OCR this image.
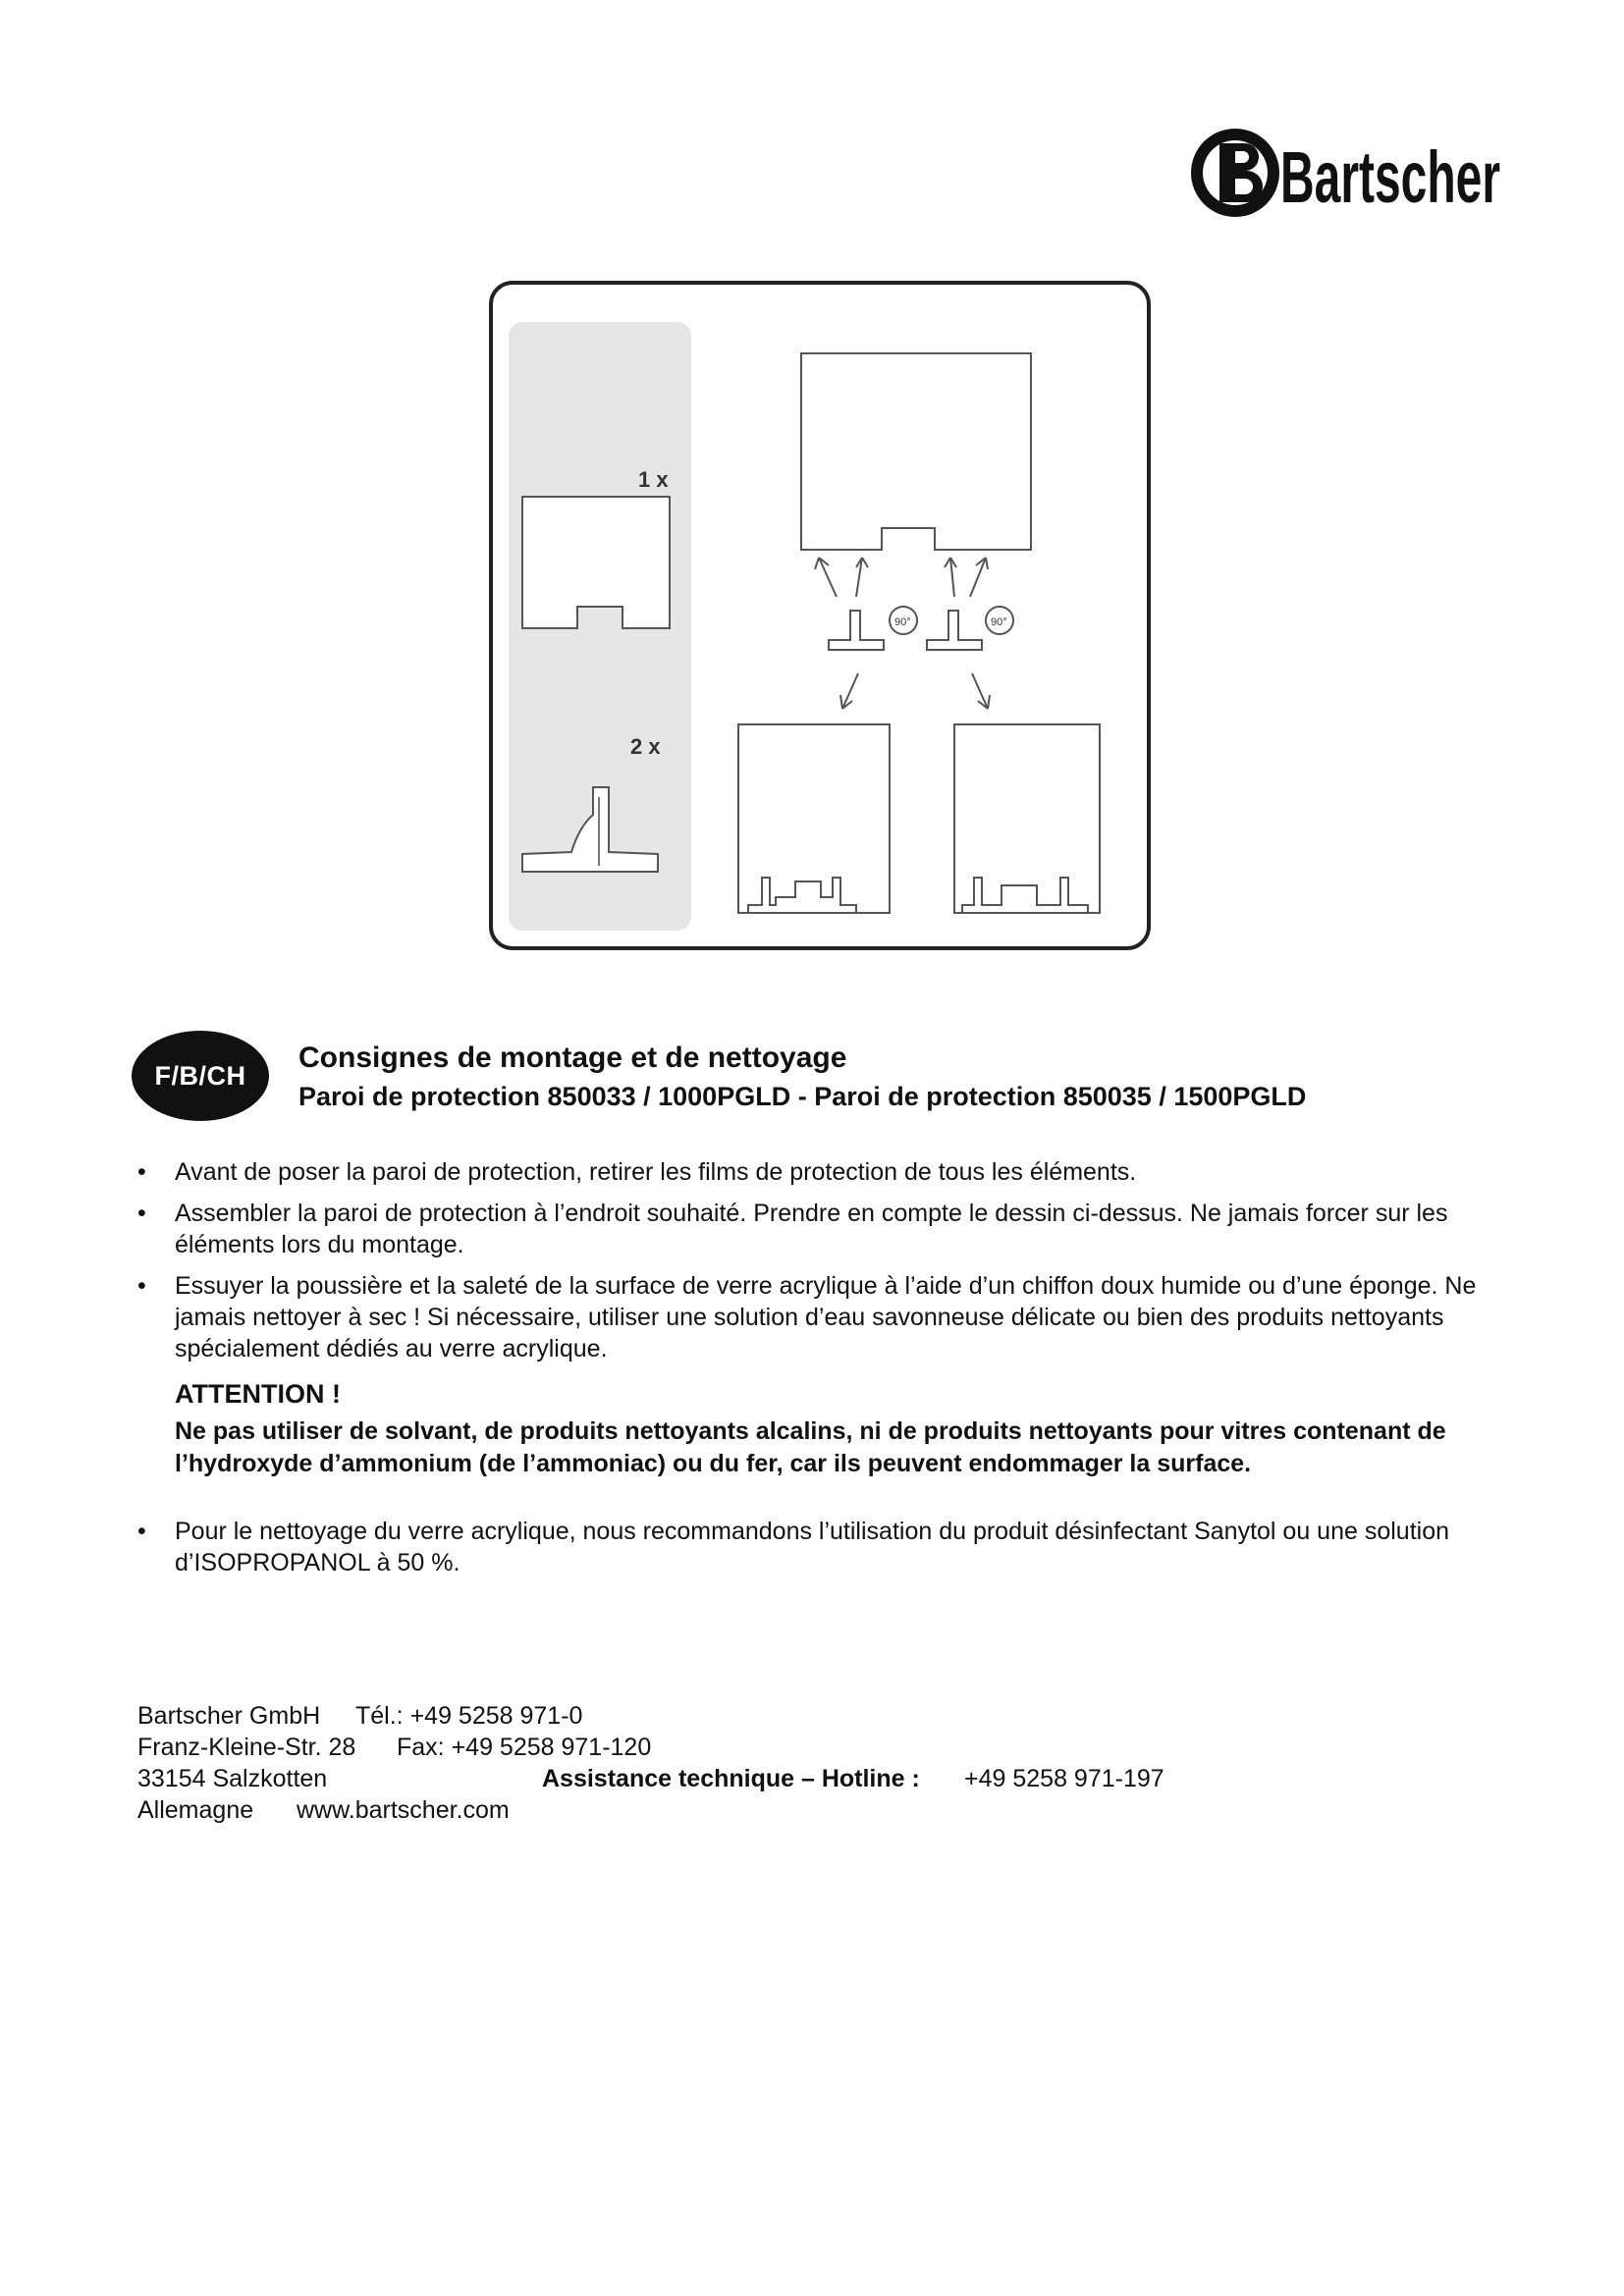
Bartscher
1 x
2 x
90°	90°
F/B/CH
Consignes de montage et de nettoyage
Paroi de protection 850033 / 1000PGLD - Paroi de protection 850035 / 1500PGLD
• Avant de poser la paroi de protection, retirer les films de protection de tous les éléments.
• Assembler la paroi de protection à l’endroit souhaité. Prendre en compte le dessin ci-dessus. Ne jamais forcer sur les éléments lors du montage.
• Essuyer la poussière et la saleté de la surface de verre acrylique à l’aide d’un chiffon doux humide ou d’une éponge. Ne jamais nettoyer à sec ! Si nécessaire, utiliser une solution d’eau savonneuse délicate ou bien des produits nettoyants spécialement dédiés au verre acrylique.
ATTENTION !
Ne pas utiliser de solvant, de produits nettoyants alcalins, ni de produits nettoyants pour vitres contenant de l’hydroxyde d’ammonium (de l’ammoniac) ou du fer, car ils peuvent endommager la surface.
• Pour le nettoyage du verre acrylique, nous recommandons l’utilisation du produit désinfectant Sanytol ou une solution d’ISOPROPANOL à 50 %.
Bartscher GmbH Tél.: +49 5258 971-0
Franz-Kleine-Str. 28 Fax: +49 5258 971-120
33154 Salzkotten	Assistance technique – Hotline : +49 5258 971-197
Allemagne www.bartscher.com
